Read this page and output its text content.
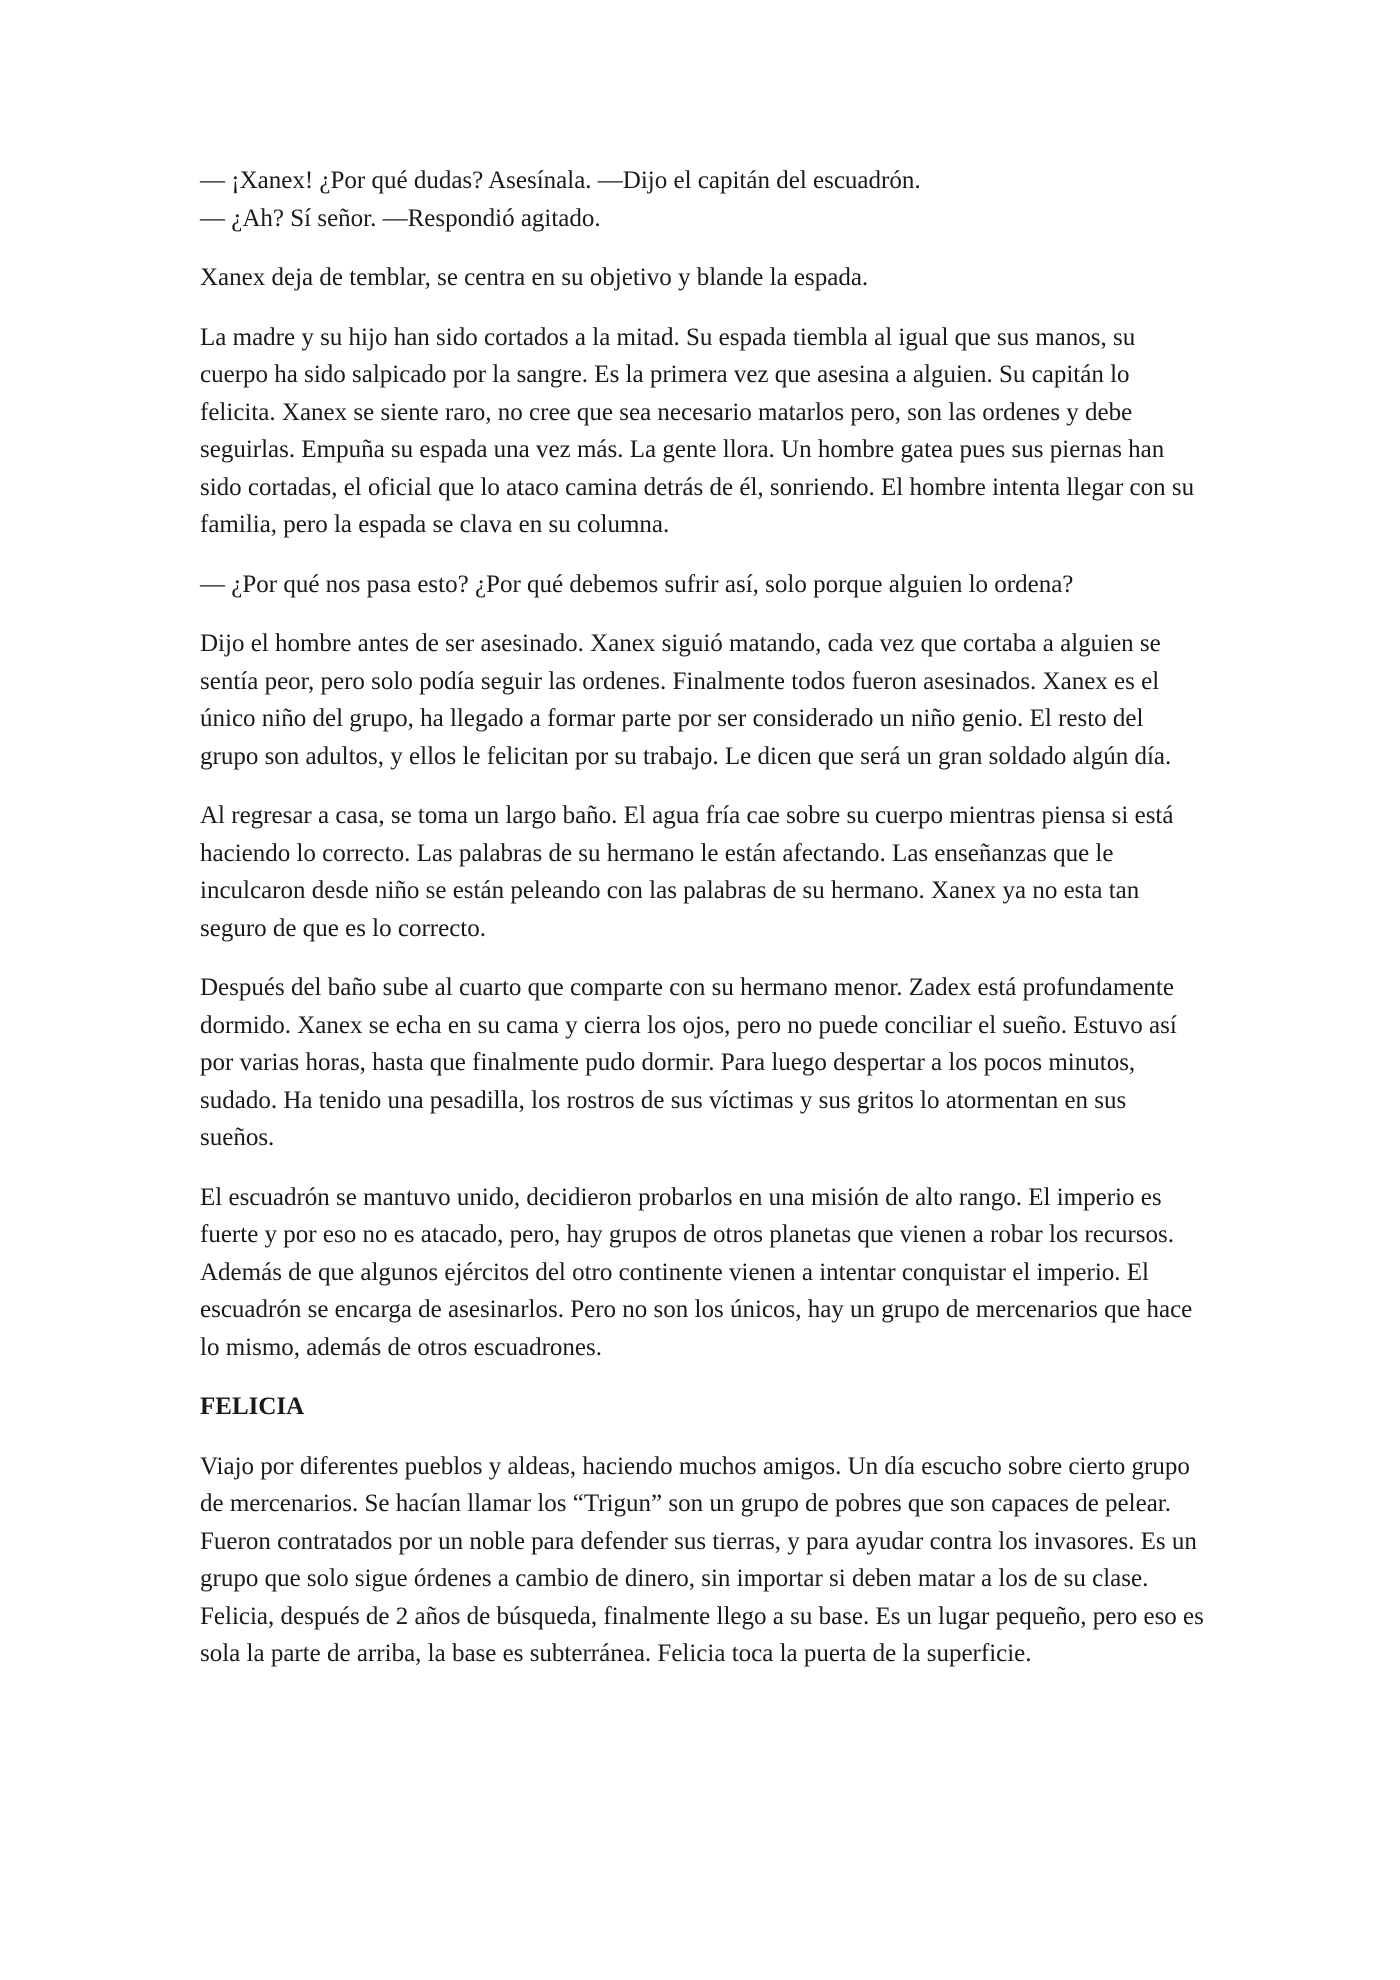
— ¡Xanex! ¿Por qué dudas? Asesínala. —Dijo el capitán del escuadrón.
— ¿Ah? Sí señor. —Respondió agitado.

Xanex deja de temblar, se centra en su objetivo y blande la espada.

La madre y su hijo han sido cortados a la mitad. Su espada tiembla al igual que sus manos, su cuerpo ha sido salpicado por la sangre. Es la primera vez que asesina a alguien. Su capitán lo felicita. Xanex se siente raro, no cree que sea necesario matarlos pero, son las ordenes y debe seguirlas. Empuña su espada una vez más. La gente llora. Un hombre gatea pues sus piernas han sido cortadas, el oficial que lo ataco camina detrás de él, sonriendo. El hombre intenta llegar con su familia, pero la espada se clava en su columna.

— ¿Por qué nos pasa esto? ¿Por qué debemos sufrir así, solo porque alguien lo ordena?

Dijo el hombre antes de ser asesinado. Xanex siguió matando, cada vez que cortaba a alguien se sentía peor, pero solo podía seguir las ordenes. Finalmente todos fueron asesinados. Xanex es el único niño del grupo, ha llegado a formar parte por ser considerado un niño genio. El resto del grupo son adultos, y ellos le felicitan por su trabajo. Le dicen que será un gran soldado algún día.

Al regresar a casa, se toma un largo baño. El agua fría cae sobre su cuerpo mientras piensa si está haciendo lo correcto. Las palabras de su hermano le están afectando. Las enseñanzas que le inculcaron desde niño se están peleando con las palabras de su hermano. Xanex ya no esta tan seguro de que es lo correcto.

Después del baño sube al cuarto que comparte con su hermano menor. Zadex está profundamente dormido. Xanex se echa en su cama y cierra los ojos, pero no puede conciliar el sueño. Estuvo así por varias horas, hasta que finalmente pudo dormir. Para luego despertar a los pocos minutos, sudado. Ha tenido una pesadilla, los rostros de sus víctimas y sus gritos lo atormentan en sus sueños.

El escuadrón se mantuvo unido, decidieron probarlos en una misión de alto rango. El imperio es fuerte y por eso no es atacado, pero, hay grupos de otros planetas que vienen a robar los recursos. Además de que algunos ejércitos del otro continente vienen a intentar conquistar el imperio. El escuadrón se encarga de asesinarlos. Pero no son los únicos, hay un grupo de mercenarios que hace lo mismo, además de otros escuadrones.

FELICIA

Viajo por diferentes pueblos y aldeas, haciendo muchos amigos. Un día escucho sobre cierto grupo de mercenarios. Se hacían llamar los “Trigun” son un grupo de pobres que son capaces de pelear. Fueron contratados por un noble para defender sus tierras, y para ayudar contra los invasores. Es un grupo que solo sigue órdenes a cambio de dinero, sin importar si deben matar a los de su clase. Felicia, después de 2 años de búsqueda, finalmente llego a su base. Es un lugar pequeño, pero eso es sola la parte de arriba, la base es subterránea. Felicia toca la puerta de la superficie.
